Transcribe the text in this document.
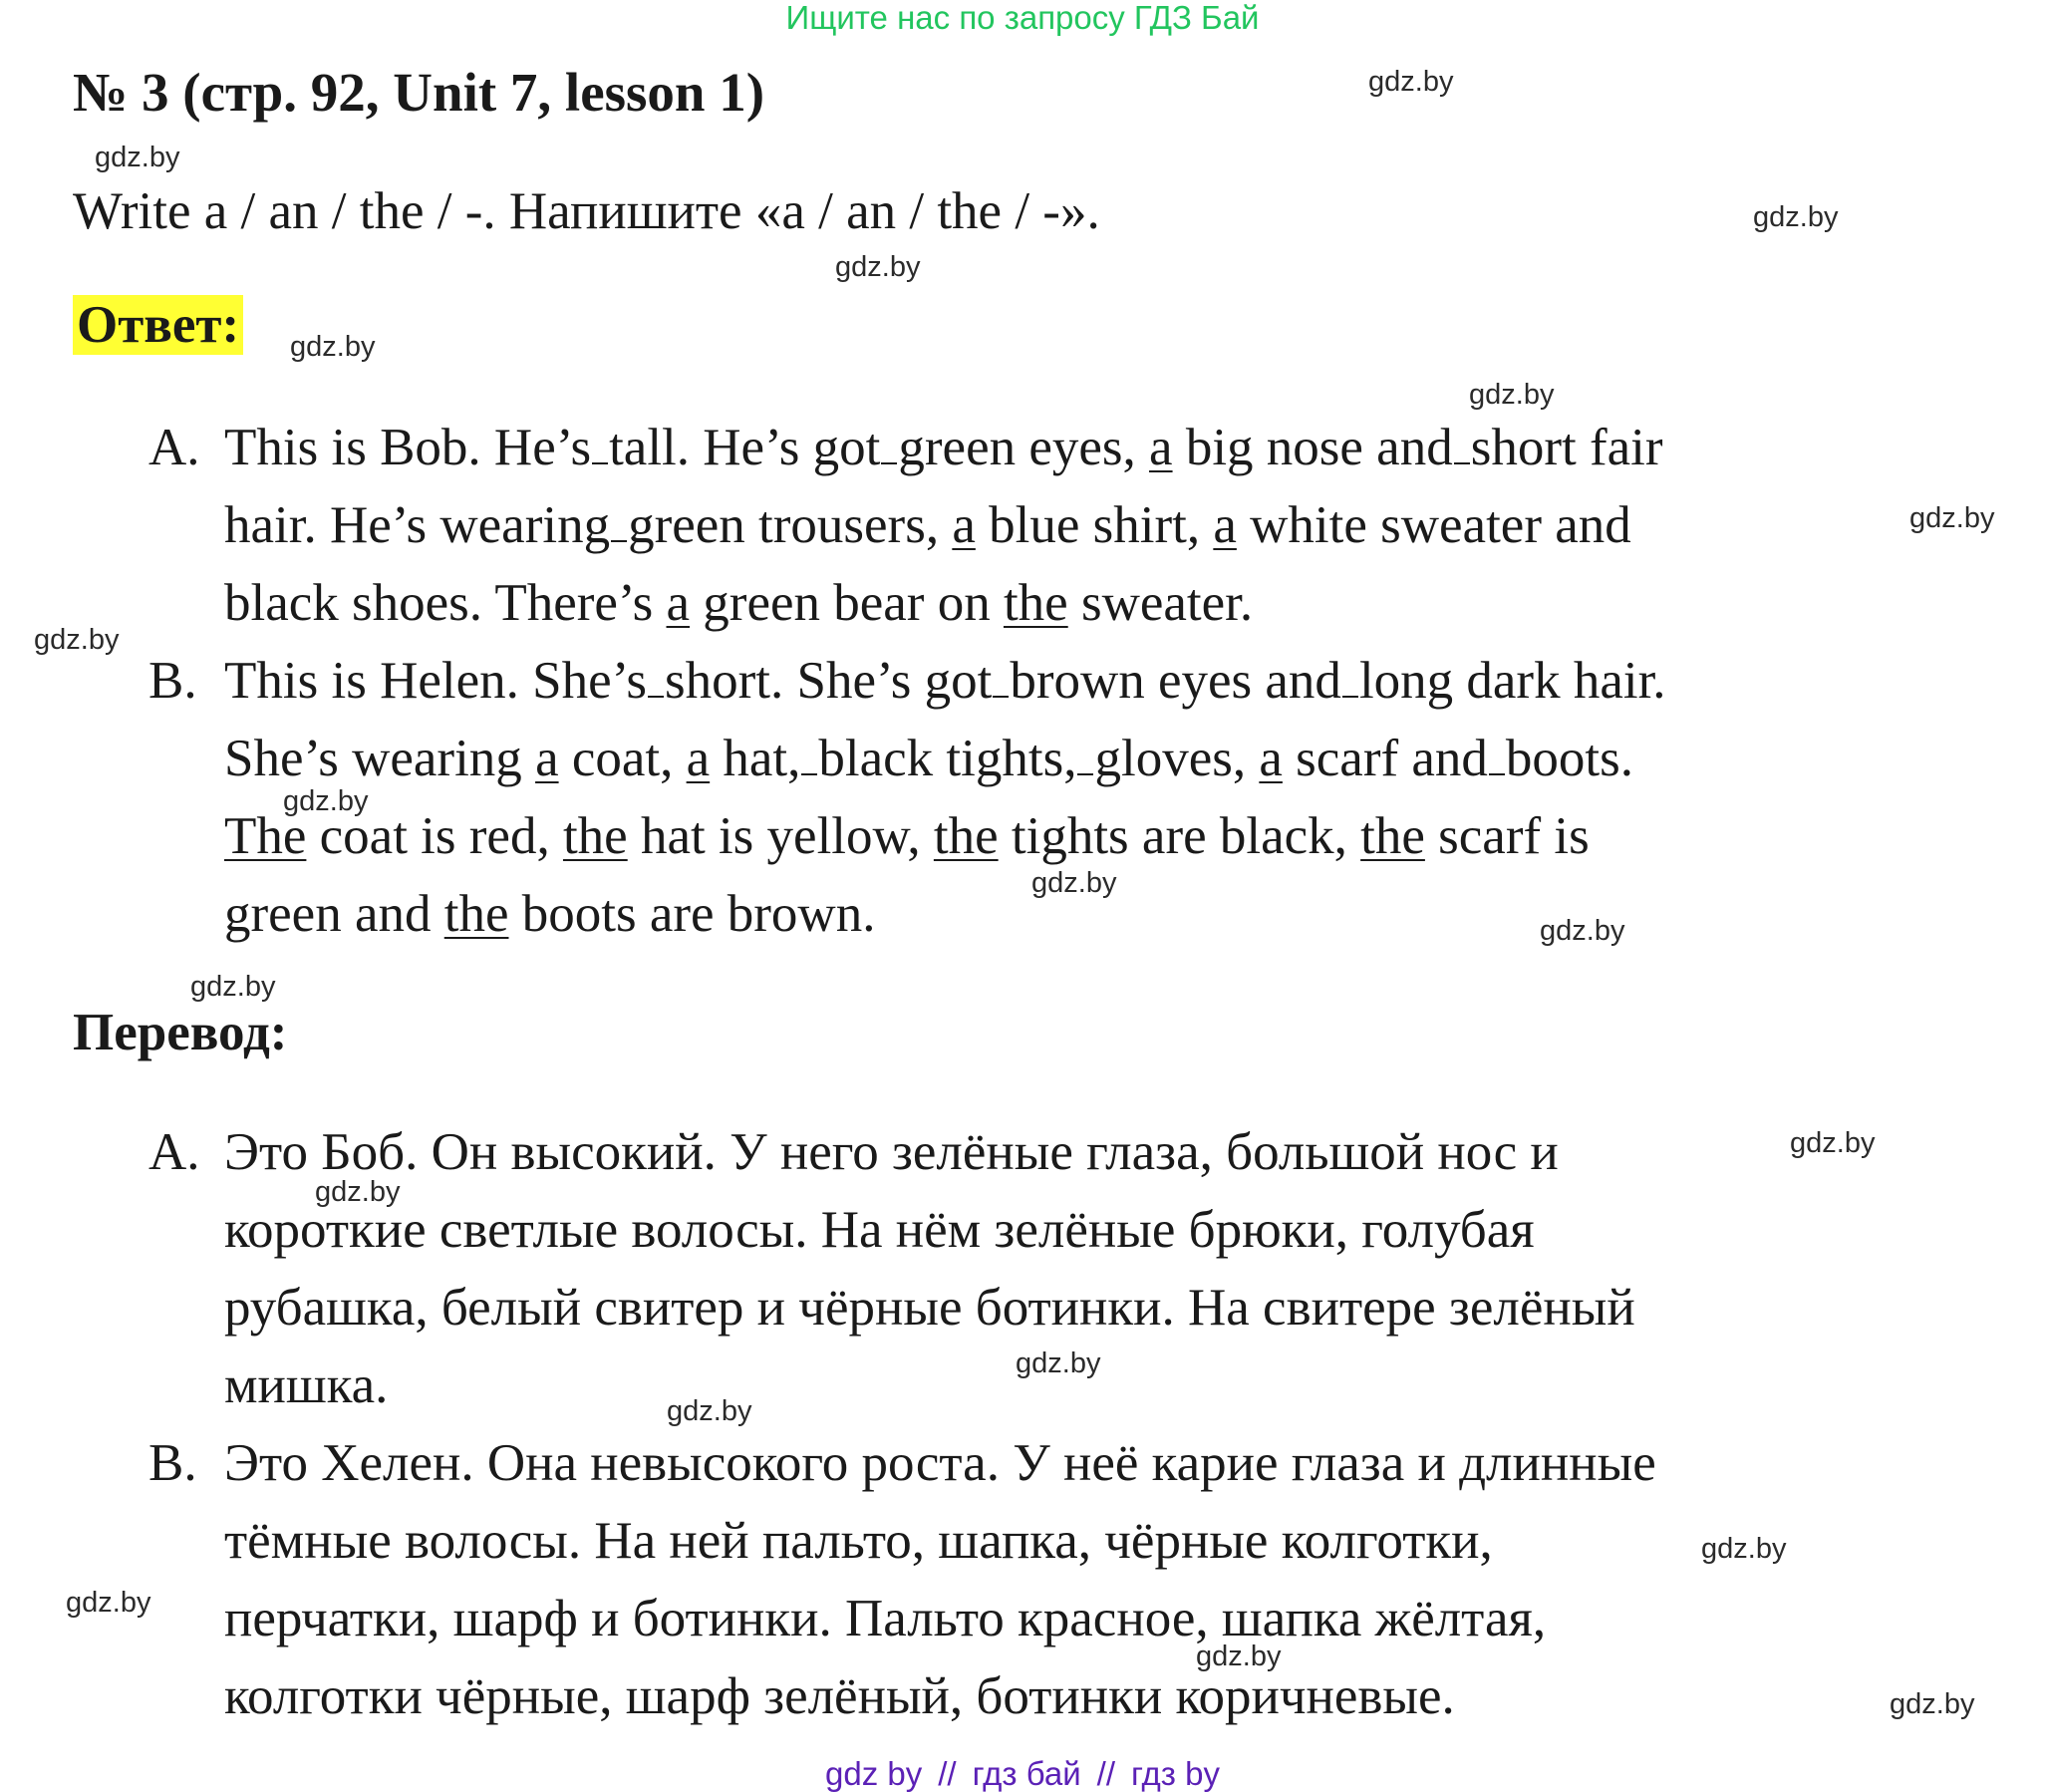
Ищите нас по запросу ГДЗ Бай
№ 3 (стр. 92, Unit 7, lesson 1)
Write a / an / the / -. Напишите «a / an / the / -».
Ответ:
A. This is Bob. He’s tall. He’s got green eyes, a big nose and short fair
hair. He’s wearing green trousers, a blue shirt, a white sweater and
black shoes. There’s a green bear on the sweater.
B. This is Helen. She’s short. She’s got brown eyes and long dark hair.
She’s wearing a coat, a hat, black tights, gloves, a scarf and boots.
The coat is red, the hat is yellow, the tights are black, the scarf is
green and the boots are brown.
Перевод:
A. Это Боб. Он высокий. У него зелёные глаза, большой нос и
короткие светлые волосы. На нём зелёные брюки, голубая
рубашка, белый свитер и чёрные ботинки. На свитере зелёный
мишка.
B. Это Хелен. Она невысокого роста. У неё карие глаза и длинные
тёмные волосы. На ней пальто, шапка, чёрные колготки,
перчатки, шарф и ботинки. Пальто красное, шапка жёлтая,
колготки чёрные, шарф зелёный, ботинки коричневые.
gdz.by
gdz.by
gdz.by
gdz.by
gdz.by
gdz.by
gdz.by
gdz.by
gdz.by
gdz.by
gdz.by
gdz.by
gdz.by
gdz.by
gdz.by
gdz.by
gdz.by
gdz.by
gdz.by
gdz.by
gdz by // гдз бай // гдз by
